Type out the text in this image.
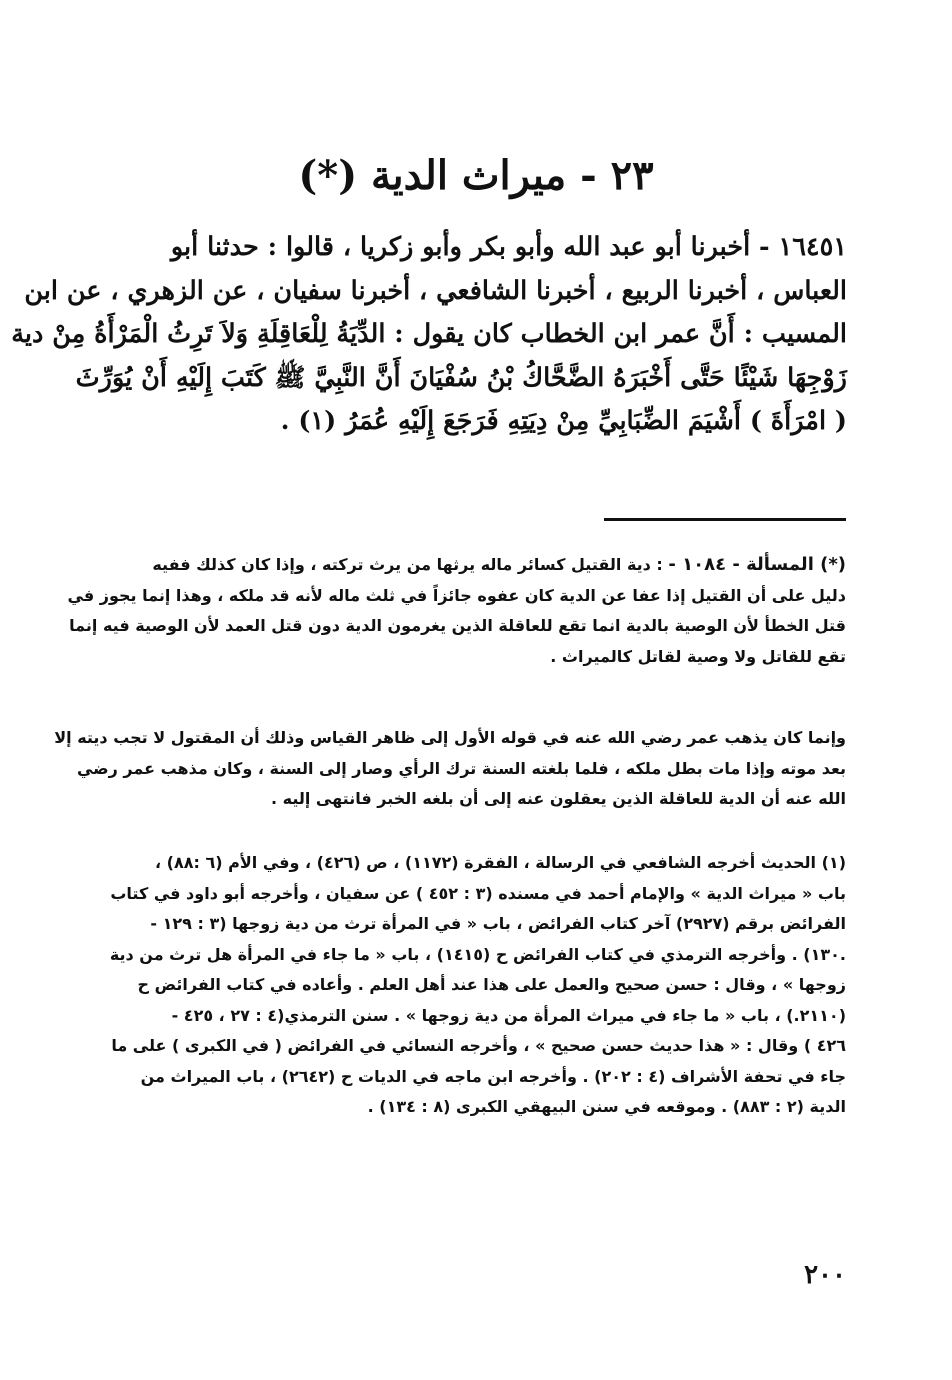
٢٣ - ميراث الدية (*)
١٦٤٥١ - أخبرنا أبو عبد الله وأبو بكر وأبو زكريا ، قالوا : حدثنا أبو
العباس ، أخبرنا الربيع ، أخبرنا الشافعي ، أخبرنا سفيان ، عن الزهري ، عن ابن
المسيب : أَنَّ عمر ابن الخطاب كان يقول : الدِّيَةُ لِلْعَاقِلَةِ وَلاَ تَرِثُ الْمَرْأَةُ مِنْ دية
زَوْجِهَا شَيْئًا حَتَّى أَخْبَرَهُ الضَّحَّاكُ بْنُ سُفْيَانَ أَنَّ النَّبِيَّ ﷺ كَتَبَ إِلَيْهِ أَنْ يُوَرِّثَ
( امْرَأَةَ ) أَشْيَمَ الضِّبَابِيِّ مِنْ دِيَتِهِ فَرَجَعَ إِلَيْهِ عُمَرُ (١) .
(*) المسألة - ١٠٨٤ - : دية القتيل كسائر ماله يرثها من يرث تركته ، وإذا كان كذلك ففيه
دليل على أن القتيل إذا عفا عن الدية كان عفوه جائزاً في ثلث ماله لأنه قد ملكه ، وهذا إنما يجوز في
قتل الخطأ لأن الوصية بالدية انما تقع للعاقلة الذين يغرمون الدية دون قتل العمد لأن الوصية فيه إنما
تقع للقاتل ولا وصية لقاتل كالميراث .
وإنما كان يذهب عمر رضي الله عنه في قوله الأول إلى ظاهر القياس وذلك أن المقتول لا تجب ديته إلا
بعد موته وإذا مات بطل ملكه ، فلما بلغته السنة ترك الرأي وصار إلى السنة ، وكان مذهب عمر رضي
الله عنه أن الدية للعاقلة الذين يعقلون عنه إلى أن بلغه الخبر فانتهى إليه .
(١) الحديث أخرجه الشافعي في الرسالة ، الفقرة (١١٧٢) ، ص (٤٢٦) ، وفي الأم (٦ :٨٨) ،
باب « ميراث الدية » والإمام أحمد في مسنده (٣ : ٤٥٢ ) عن سفيان ، وأخرجه أبو داود في كتاب
الفرائض برقم (٢٩٢٧) آخر كتاب الفرائض ، باب « في المرأة ترث من دية زوجها (٣ : ١٢٩ -
.١٣٠) . وأخرجه الترمذي في كتاب الفرائض ح (١٤١٥) ، باب « ما جاء في المرأة هل ترث من دية
زوجها » ، وقال : حسن صحيح والعمل على هذا عند أهل العلم . وأعاده في كتاب الفرائض ح
(٢١١٠.) ، باب « ما جاء في ميراث المرأة من دية زوجها » . سنن الترمذي(٤ : ٢٧ ، ٤٢٥ -
٤٢٦ ) وقال : « هذا حديث حسن صحيح » ، وأخرجه النسائي في الفرائض ( في الكبرى ) على ما
جاء في تحفة الأشراف (٤ : ٢٠٢) . وأخرجه ابن ماجه في الديات ح (٢٦٤٢) ، باب الميراث من
الدية (٢ : ٨٨٣) . وموقعه في سنن البيهقي الكبرى (٨ : ١٣٤) .
٢٠٠
